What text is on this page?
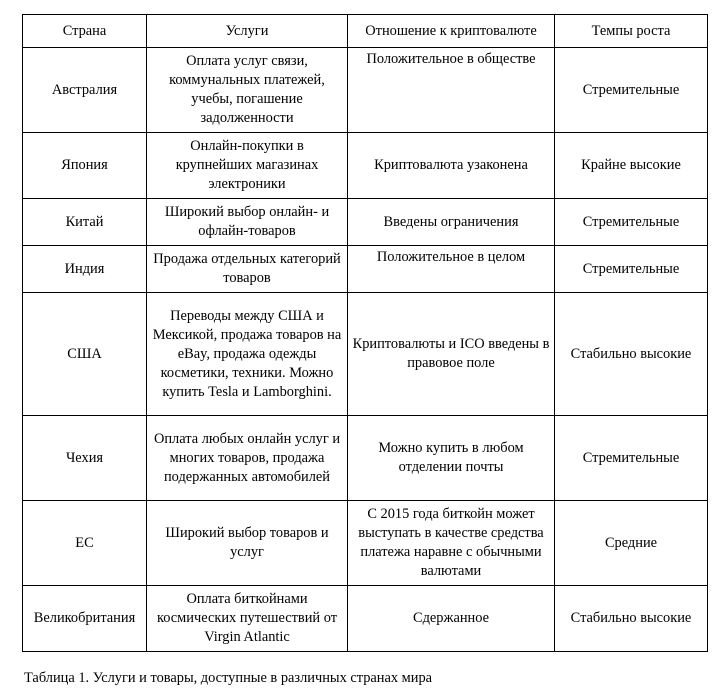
Страна	Услуги	Отношение к криптовалюте	Темпы роста
Австралия	Оплата услуг связи, коммунальных платежей, учебы, погашение задолженности	Положительное в обществе	Стремительные
Япония	Онлайн-покупки в крупнейших магазинах электроники	Криптовалюта узаконена	Крайне высокие
Китай	Широкий выбор онлайн- и офлайн-товаров	Введены ограничения	Стремительные
Индия	Продажа отдельных категорий товаров	Положительное в целом	Стремительные
США	Переводы между США и Мексикой, продажа товаров на eBay, продажа одежды косметики, техники. Можно купить Tesla и Lamborghini.	Криптовалюты и ICO введены в правовое поле	Стабильно высокие
Чехия	Оплата любых онлайн услуг и многих товаров, продажа подержанных автомобилей	Можно купить в любом отделении почты	Стремительные
ЕС	Широкий выбор товаров и услуг	С 2015 года биткойн может выступать в качестве средства платежа наравне с обычными валютами	Средние
Великобритания	Оплата биткойнами космических путешествий от Virgin Atlantic	Сдержанное	Стабильно высокие
Таблица 1. Услуги и товары, доступные в различных странах мира
